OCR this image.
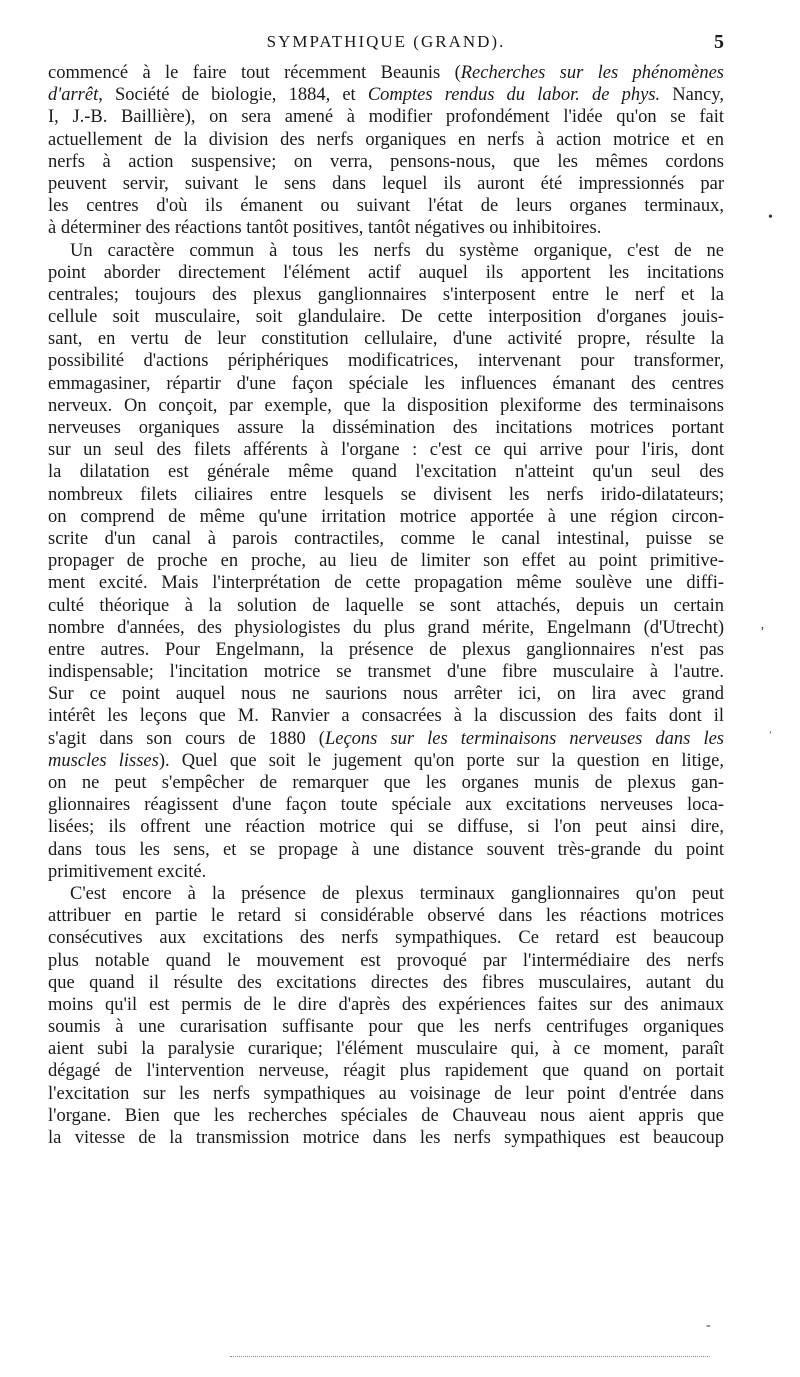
SYMPATHIQUE (GRAND).	5
commencé à le faire tout récemment Beaunis (Recherches sur les phénomènes
d'arrêt, Société de biologie, 1884, et Comptes rendus du labor. de phys. Nancy,
I, J.-B. Baillière), on sera amené à modifier profondément l'idée qu'on se fait
actuellement de la division des nerfs organiques en nerfs à action motrice et en
nerfs à action suspensive; on verra, pensons-nous, que les mêmes cordons
peuvent servir, suivant le sens dans lequel ils auront été impressionnés par
les centres d'où ils émanent ou suivant l'état de leurs organes terminaux,
à déterminer des réactions tantôt positives, tantôt négatives ou inhibitoires.
Un caractère commun à tous les nerfs du système organique, c'est de ne
point aborder directement l'élément actif auquel ils apportent les incitations
centrales; toujours des plexus ganglionnaires s'interposent entre le nerf et la
cellule soit musculaire, soit glandulaire. De cette interposition d'organes jouis-
sant, en vertu de leur constitution cellulaire, d'une activité propre, résulte la
possibilité d'actions périphériques modificatrices, intervenant pour transformer,
emmagasiner, répartir d'une façon spéciale les influences émanant des centres
nerveux. On conçoit, par exemple, que la disposition plexiforme des terminaisons
nerveuses organiques assure la dissémination des incitations motrices portant
sur un seul des filets afférents à l'organe : c'est ce qui arrive pour l'iris, dont
la dilatation est générale même quand l'excitation n'atteint qu'un seul des
nombreux filets ciliaires entre lesquels se divisent les nerfs irido-dilatateurs;
on comprend de même qu'une irritation motrice apportée à une région circon-
scrite d'un canal à parois contractiles, comme le canal intestinal, puisse se
propager de proche en proche, au lieu de limiter son effet au point primitive-
ment excité. Mais l'interprétation de cette propagation même soulève une diffi-
culté théorique à la solution de laquelle se sont attachés, depuis un certain
nombre d'années, des physiologistes du plus grand mérite, Engelmann (d'Utrecht)
entre autres. Pour Engelmann, la présence de plexus ganglionnaires n'est pas
indispensable; l'incitation motrice se transmet d'une fibre musculaire à l'autre.
Sur ce point auquel nous ne saurions nous arrêter ici, on lira avec grand
intérêt les leçons que M. Ranvier a consacrées à la discussion des faits dont il
s'agit dans son cours de 1880 (Leçons sur les terminaisons nerveuses dans les
muscles lisses). Quel que soit le jugement qu'on porte sur la question en litige,
on ne peut s'empêcher de remarquer que les organes munis de plexus gan-
glionnaires réagissent d'une façon toute spéciale aux excitations nerveuses loca-
lisées; ils offrent une réaction motrice qui se diffuse, si l'on peut ainsi dire,
dans tous les sens, et se propage à une distance souvent très-grande du point
primitivement excité.
C'est encore à la présence de plexus terminaux ganglionnaires qu'on peut
attribuer en partie le retard si considérable observé dans les réactions motrices
consécutives aux excitations des nerfs sympathiques. Ce retard est beaucoup
plus notable quand le mouvement est provoqué par l'intermédiaire des nerfs
que quand il résulte des excitations directes des fibres musculaires, autant du
moins qu'il est permis de le dire d'après des expériences faites sur des animaux
soumis à une curarisation suffisante pour que les nerfs centrifuges organiques
aient subi la paralysie curarique; l'élément musculaire qui, à ce moment, paraît
dégagé de l'intervention nerveuse, réagit plus rapidement que quand on portait
l'excitation sur les nerfs sympathiques au voisinage de leur point d'entrée dans
l'organe. Bien que les recherches spéciales de Chauveau nous aient appris que
la vitesse de la transmission motrice dans les nerfs sympathiques est beaucoup
•
ʼ
ˈ
-
